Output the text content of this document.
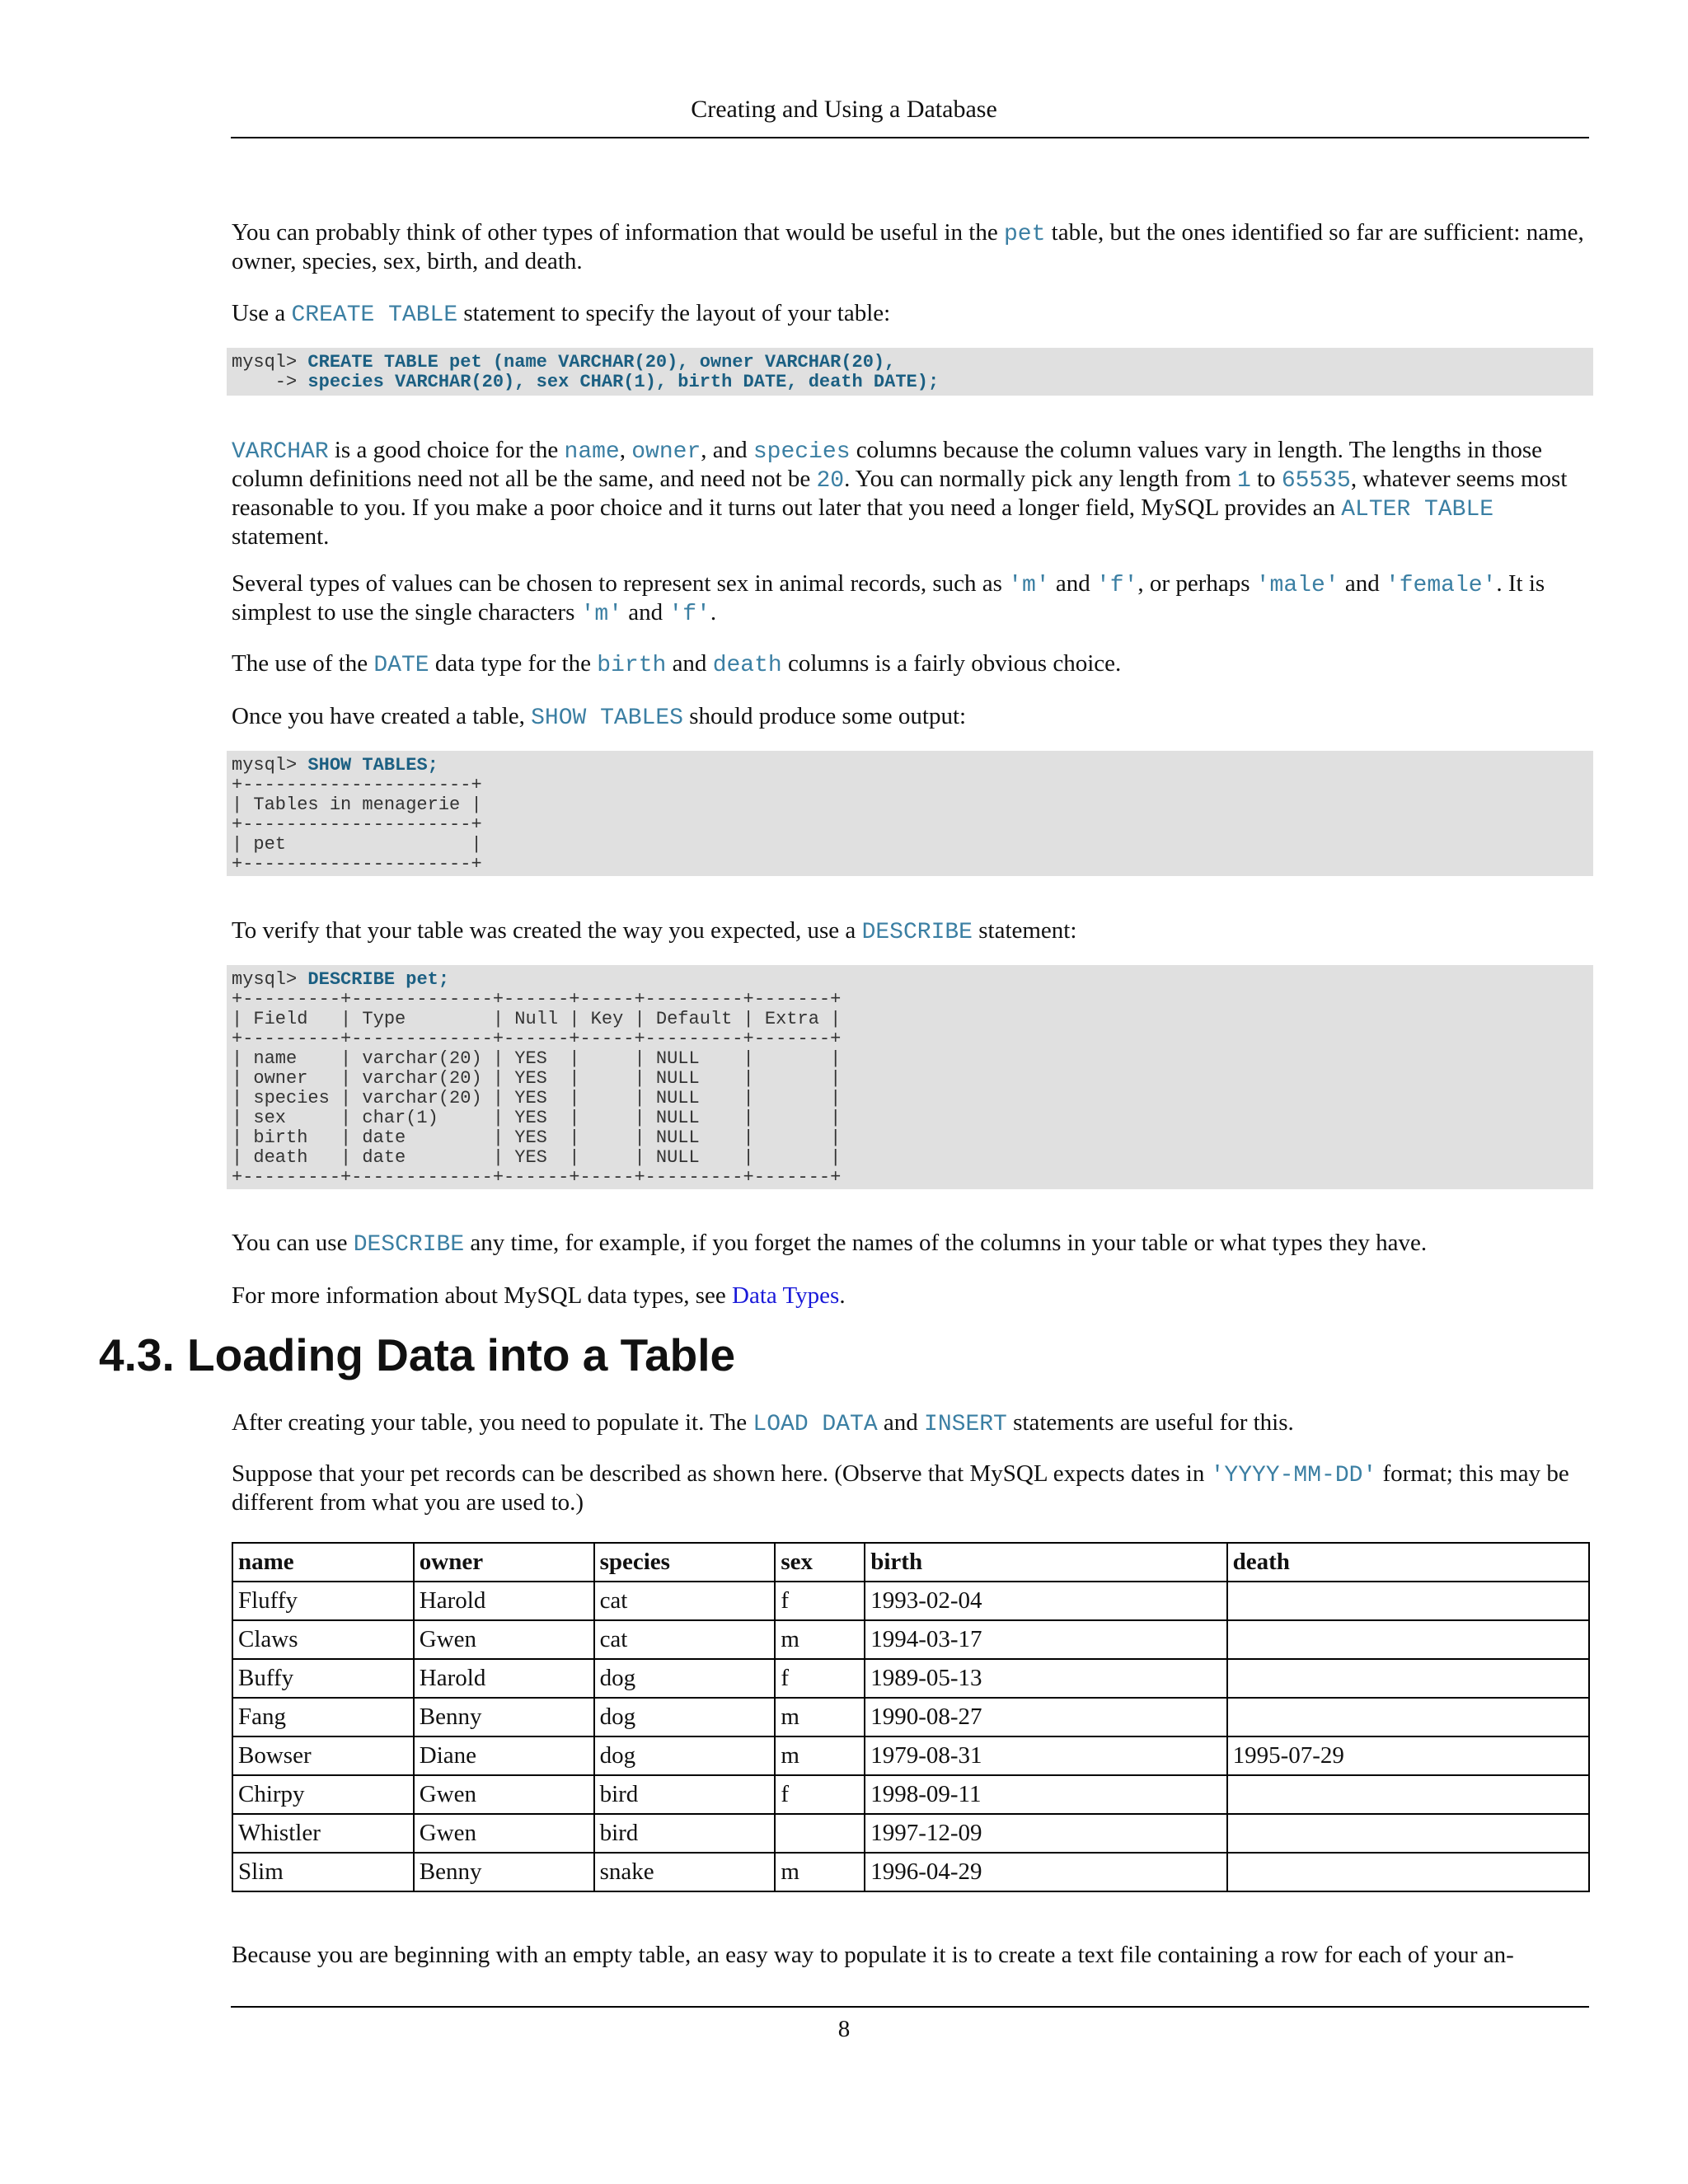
Creating and Using a Database

You can probably think of other types of information that would be useful in the pet table, but the ones identified so far are sufficient: name, owner, species, sex, birth, and death.

Use a CREATE TABLE statement to specify the layout of your table:

mysql> CREATE TABLE pet (name VARCHAR(20), owner VARCHAR(20),
-> species VARCHAR(20), sex CHAR(1), birth DATE, death DATE);

VARCHAR is a good choice for the name, owner, and species columns because the column values vary in length. The lengths in those column definitions need not all be the same, and need not be 20. You can normally pick any length from 1 to 65535, whatever seems most reasonable to you. If you make a poor choice and it turns out later that you need a longer field, MySQL provides an ALTER TABLE statement.

Several types of values can be chosen to represent sex in animal records, such as 'm' and 'f', or perhaps 'male' and 'female'. It is simplest to use the single characters 'm' and 'f'.

The use of the DATE data type for the birth and death columns is a fairly obvious choice.

Once you have created a table, SHOW TABLES should produce some output:

mysql> SHOW TABLES;
+---------------------+
| Tables in menagerie |
+---------------------+
| pet                 |
+---------------------+

To verify that your table was created the way you expected, use a DESCRIBE statement:

mysql> DESCRIBE pet;
+---------+-------------+------+-----+---------+-------+
| Field   | Type        | Null | Key | Default | Extra |
+---------+-------------+------+-----+---------+-------+
| name    | varchar(20) | YES  |     | NULL    |       |
| owner   | varchar(20) | YES  |     | NULL    |       |
| species | varchar(20) | YES  |     | NULL    |       |
| sex     | char(1)     | YES  |     | NULL    |       |
| birth   | date        | YES  |     | NULL    |       |
| death   | date        | YES  |     | NULL    |       |
+---------+-------------+------+-----+---------+-------+

You can use DESCRIBE any time, for example, if you forget the names of the columns in your table or what types they have.

For more information about MySQL data types, see Data Types.

4.3. Loading Data into a Table

After creating your table, you need to populate it. The LOAD DATA and INSERT statements are useful for this.

Suppose that your pet records can be described as shown here. (Observe that MySQL expects dates in 'YYYY-MM-DD' format; this may be different from what you are used to.)

name	owner	species	sex	birth	death
Fluffy	Harold	cat	f	1993-02-04	
Claws	Gwen	cat	m	1994-03-17	
Buffy	Harold	dog	f	1989-05-13	
Fang	Benny	dog	m	1990-08-27	
Bowser	Diane	dog	m	1979-08-31	1995-07-29
Chirpy	Gwen	bird	f	1998-09-11	
Whistler	Gwen	bird		1997-12-09	
Slim	Benny	snake	m	1996-04-29	

Because you are beginning with an empty table, an easy way to populate it is to create a text file containing a row for each of your an-

8
